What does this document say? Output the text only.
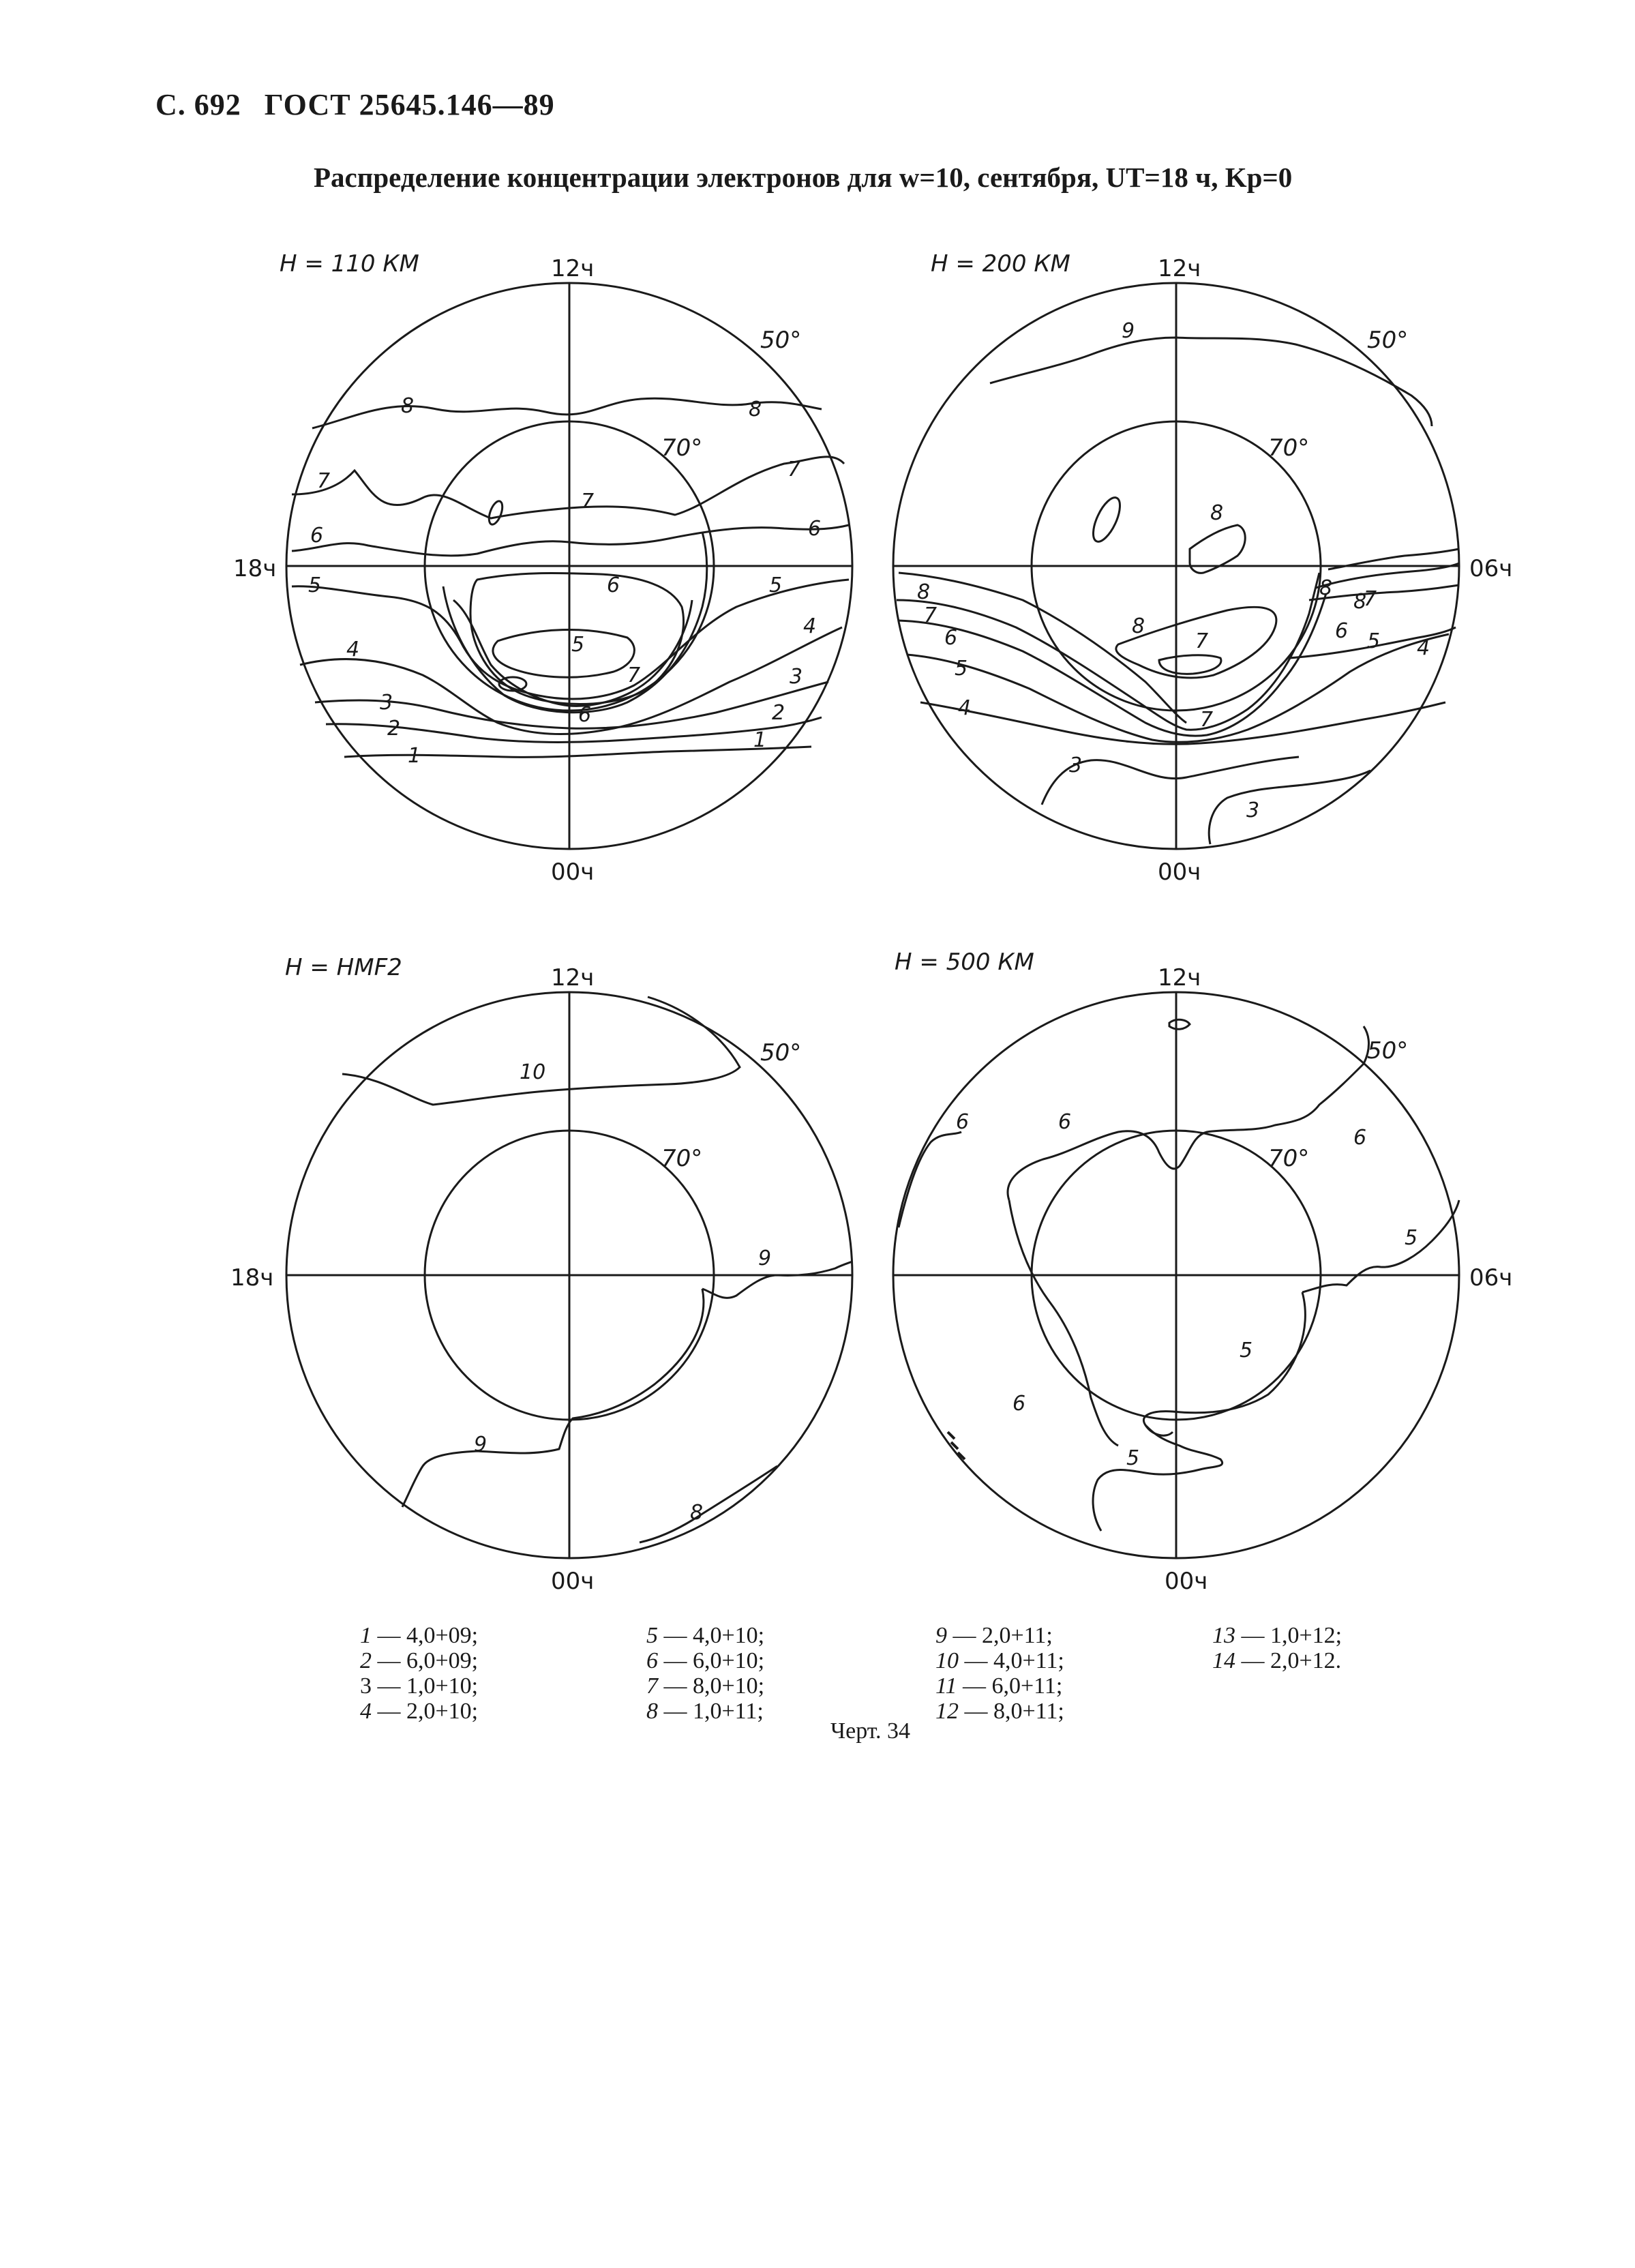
С. 692 ГОСТ 25645.146—89
Распределение концентрации электронов для w=10, сентября, UT=18 ч, Kp=0
H = 110 КМ	12ч
18ч
00ч
50°
70°
8	8
7
7
7
6	6
5	5
4
4
3
3
2
2
1
1
6
5
7
6
H = 200 КМ	12ч
06ч
00ч
50°
70°
9
8
8
7
6 5 4
8
7
6
5
4
8
7
7
3
3
8
H = HMF2	12ч
18ч
00ч
50°
70°
10
9
9
8
H = 500 КМ
12ч
06ч
00ч
50°
70°
6	6
6
5
5
6
5
1 — 4,0+09;
2 — 6,0+09;
3 — 1,0+10;
4 — 2,0+10;
5 — 4,0+10;
6 — 6,0+10;
7 — 8,0+10;
8 — 1,0+11;
9 — 2,0+11;
10 — 4,0+11;
11 — 6,0+11;
12 — 8,0+11;
13 — 1,0+12;
14 — 2,0+12.
Черт. 34
